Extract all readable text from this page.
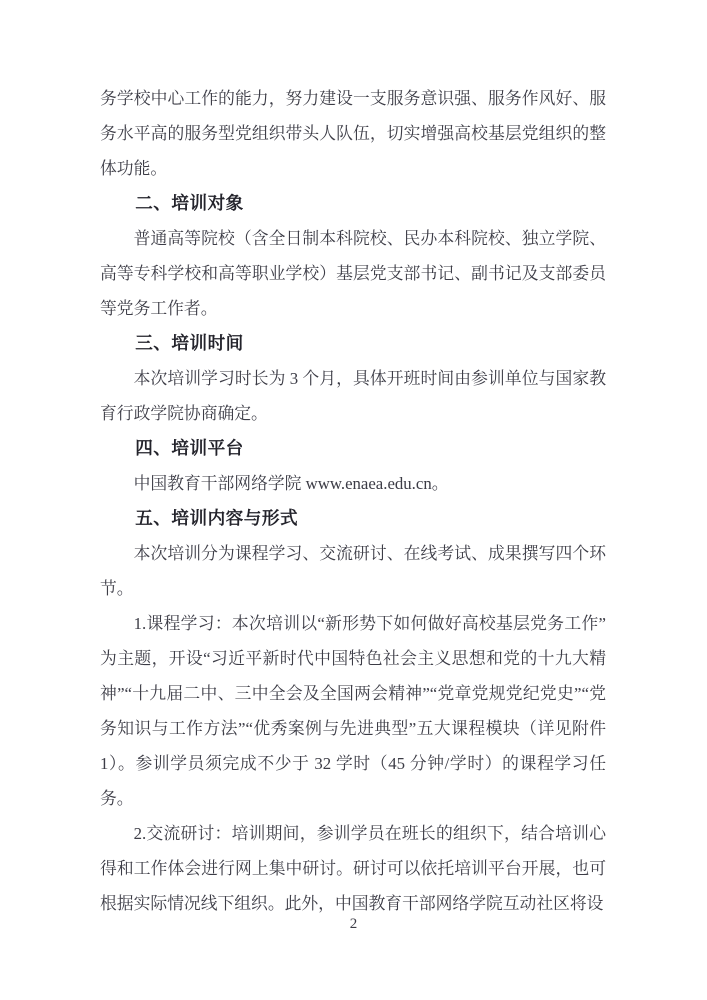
务学校中心工作的能力，努力建设一支服务意识强、服务作风好、服务水平高的服务型党组织带头人队伍，切实增强高校基层党组织的整体功能。

二、培训对象

普通高等院校（含全日制本科院校、民办本科院校、独立学院、高等专科学校和高等职业学校）基层党支部书记、副书记及支部委员等党务工作者。

三、培训时间

本次培训学习时长为 3 个月，具体开班时间由参训单位与国家教育行政学院协商确定。

四、培训平台

中国教育干部网络学院 www.enaea.edu.cn。

五、培训内容与形式

本次培训分为课程学习、交流研讨、在线考试、成果撰写四个环节。

1.课程学习：本次培训以“新形势下如何做好高校基层党务工作”为主题，开设“习近平新时代中国特色社会主义思想和党的十九大精神”“十九届二中、三中全会及全国两会精神”“党章党规党纪党史”“党务知识与工作方法”“优秀案例与先进典型”五大课程模块（详见附件 1）。参训学员须完成不少于 32 学时（45 分钟/学时）的课程学习任务。

2.交流研讨：培训期间，参训学员在班长的组织下，结合培训心得和工作体会进行网上集中研讨。研讨可以依托培训平台开展，也可根据实际情况线下组织。此外，中国教育干部网络学院互动社区将设

2
